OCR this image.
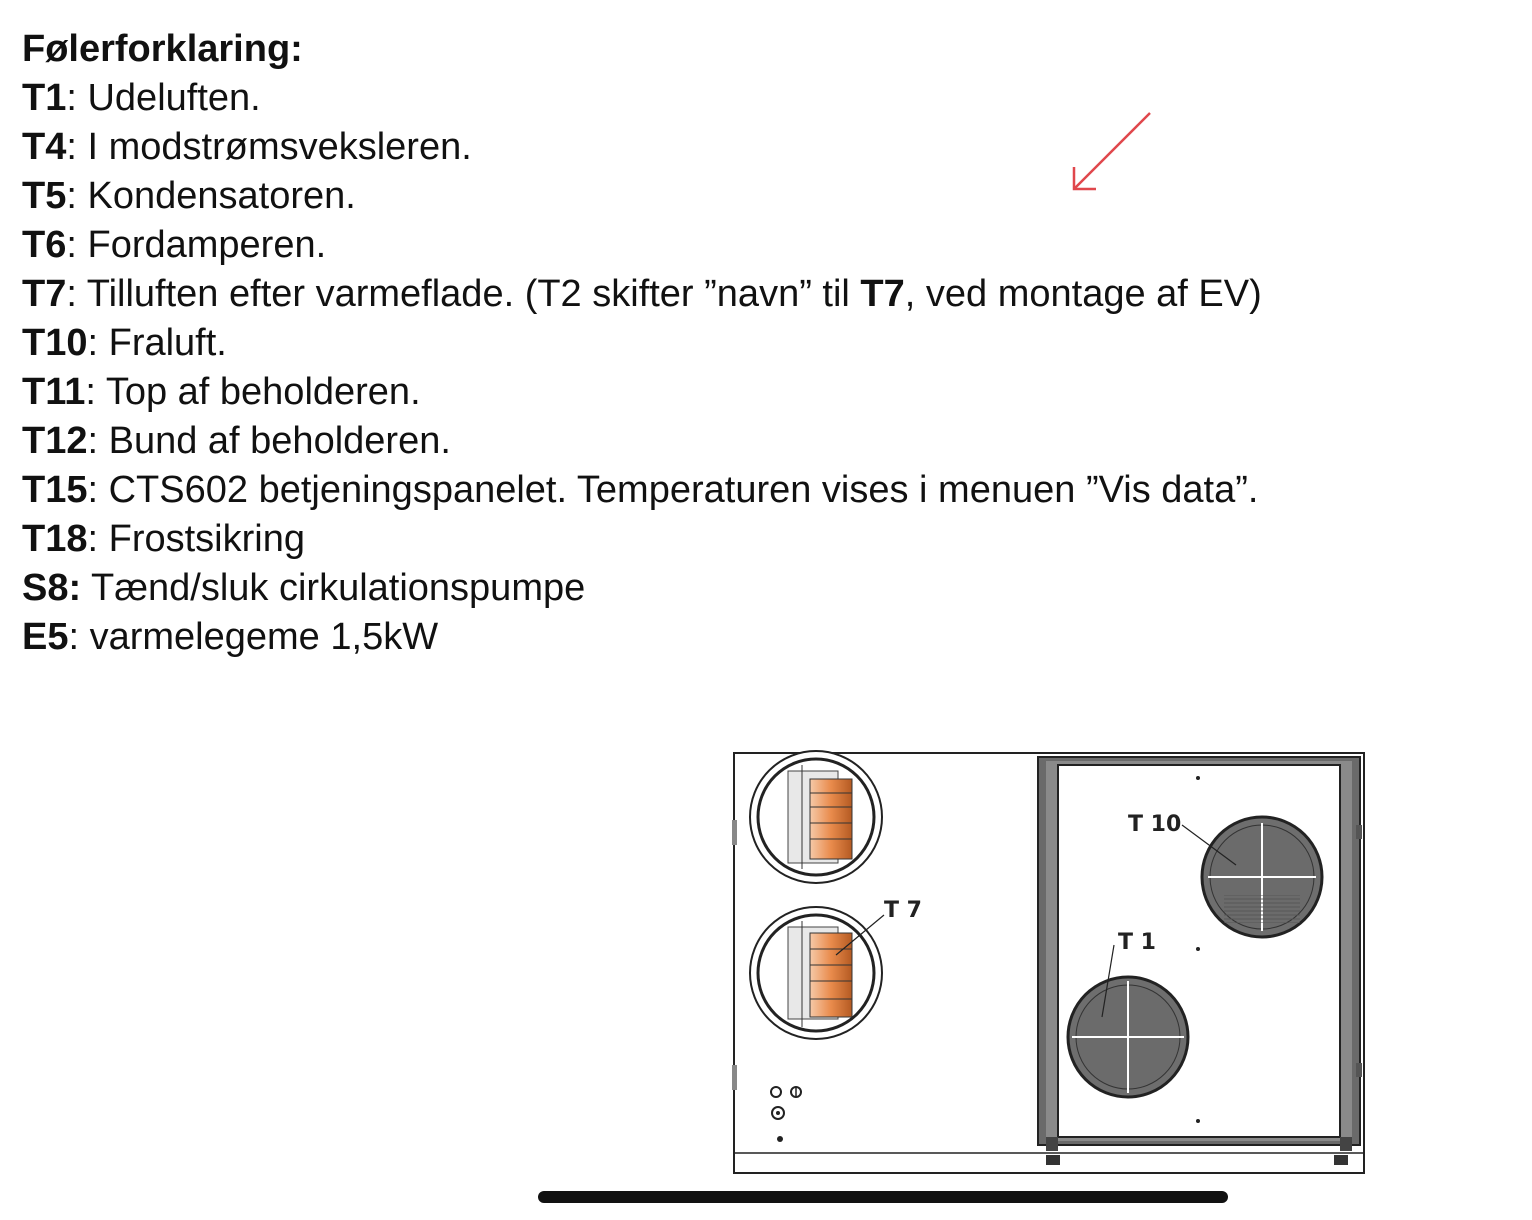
Følerforklaring:
T1: Udeluften.
T4: I modstrømsveksleren.
T5: Kondensatoren.
T6: Fordamperen.
T7: Tilluften efter varmeflade. (T2 skifter ”navn” til T7, ved montage af EV)
T10: Fraluft.
T11: Top af beholderen.
T12: Bund af beholderen.
T15: CTS602 betjeningspanelet. Temperaturen vises i menuen ”Vis data”.
T18: Frostsikring
S8: Tænd/sluk cirkulationspumpe
E5: varmelegeme 1,5kW
T 7
T 10
T 1
